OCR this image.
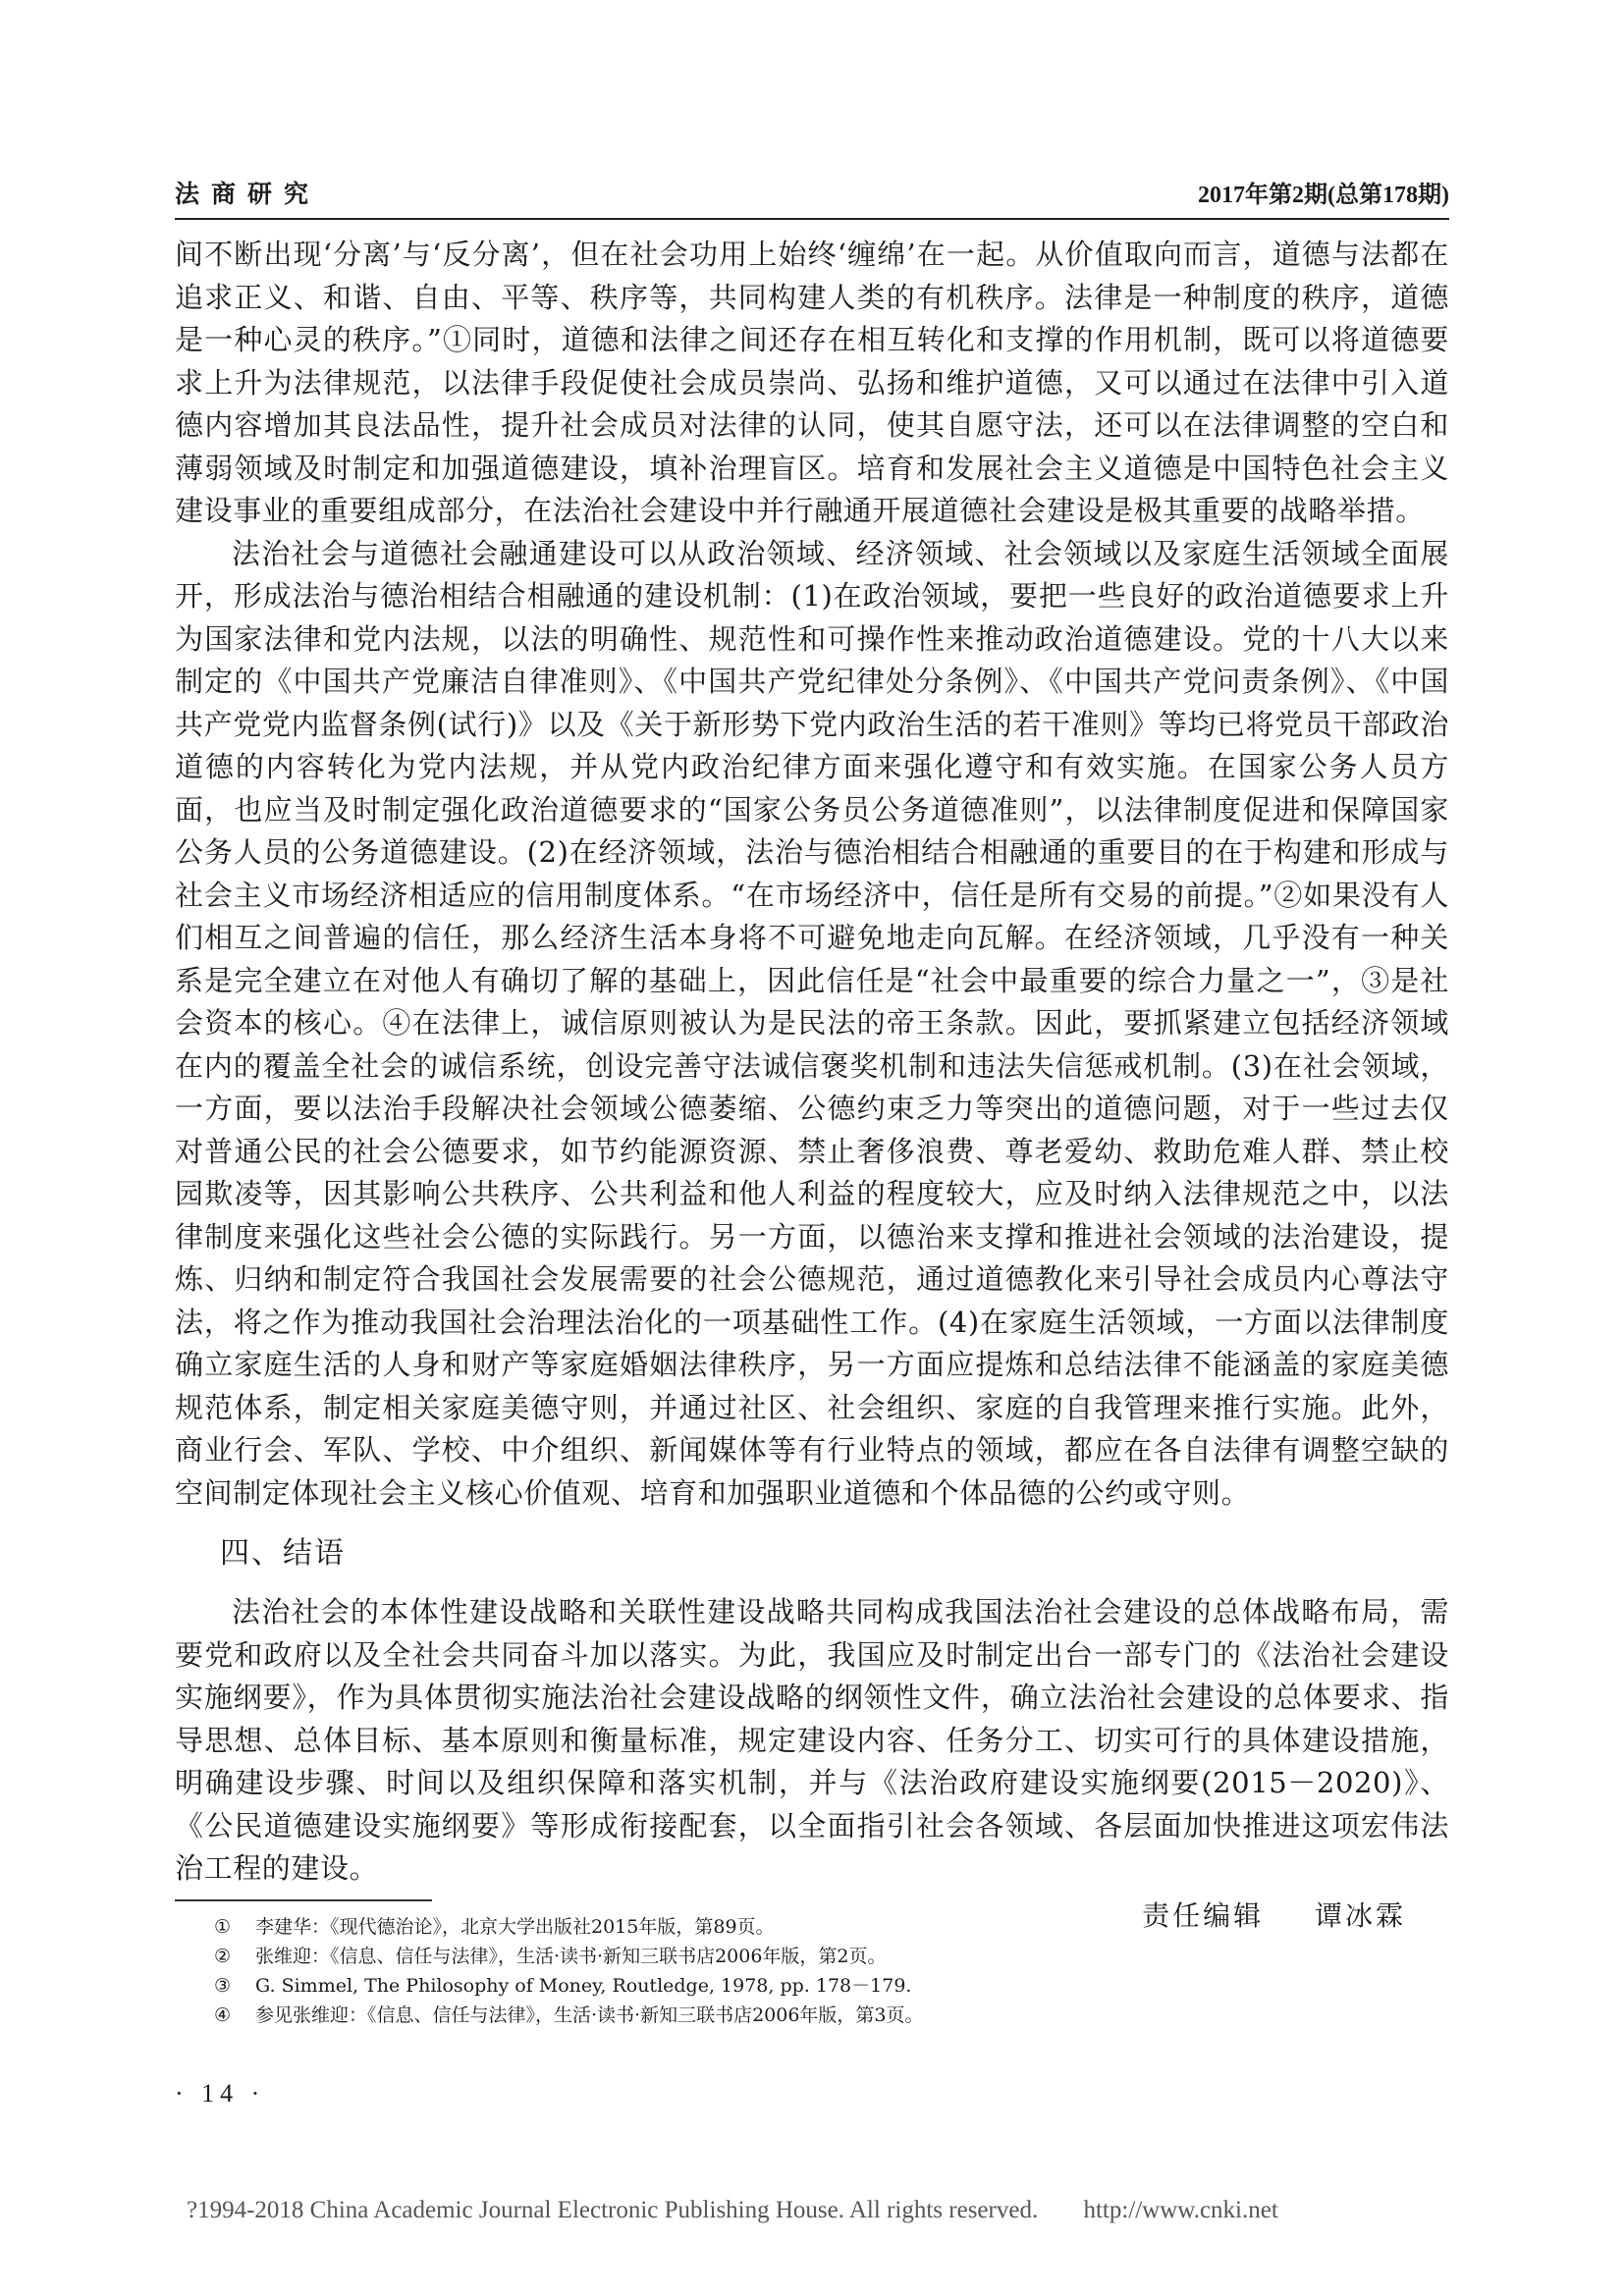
法商研究	2017年第2期(总第178期)

间不断出现‘分离’与‘反分离’，但在社会功用上始终‘缠绵’在一起。从价值取向而言，道德与法都在追求正义、和谐、自由、平等、秩序等，共同构建人类的有机秩序。法律是一种制度的秩序，道德是一种心灵的秩序。”①同时，道德和法律之间还存在相互转化和支撑的作用机制，既可以将道德要求上升为法律规范，以法律手段促使社会成员崇尚、弘扬和维护道德，又可以通过在法律中引入道德内容增加其良法品性，提升社会成员对法律的认同，使其自愿守法，还可以在法律调整的空白和薄弱领域及时制定和加强道德建设，填补治理盲区。培育和发展社会主义道德是中国特色社会主义建设事业的重要组成部分，在法治社会建设中并行融通开展道德社会建设是极其重要的战略举措。

法治社会与道德社会融通建设可以从政治领域、经济领域、社会领域以及家庭生活领域全面展开，形成法治与德治相结合相融通的建设机制：(1)在政治领域，要把一些良好的政治道德要求上升为国家法律和党内法规，以法的明确性、规范性和可操作性来推动政治道德建设。党的十八大以来制定的《中国共产党廉洁自律准则》、《中国共产党纪律处分条例》、《中国共产党问责条例》、《中国共产党党内监督条例(试行)》以及《关于新形势下党内政治生活的若干准则》等均已将党员干部政治道德的内容转化为党内法规，并从党内政治纪律方面来强化遵守和有效实施。在国家公务人员方面，也应当及时制定强化政治道德要求的“国家公务员公务道德准则”，以法律制度促进和保障国家公务人员的公务道德建设。(2)在经济领域，法治与德治相结合相融通的重要目的在于构建和形成与社会主义市场经济相适应的信用制度体系。“在市场经济中，信任是所有交易的前提。”②如果没有人们相互之间普遍的信任，那么经济生活本身将不可避免地走向瓦解。在经济领域，几乎没有一种关系是完全建立在对他人有确切了解的基础上，因此信任是“社会中最重要的综合力量之一”，③是社会资本的核心。④在法律上，诚信原则被认为是民法的帝王条款。因此，要抓紧建立包括经济领域在内的覆盖全社会的诚信系统，创设完善守法诚信褒奖机制和违法失信惩戒机制。(3)在社会领域，一方面，要以法治手段解决社会领域公德萎缩、公德约束乏力等突出的道德问题，对于一些过去仅对普通公民的社会公德要求，如节约能源资源、禁止奢侈浪费、尊老爱幼、救助危难人群、禁止校园欺凌等，因其影响公共秩序、公共利益和他人利益的程度较大，应及时纳入法律规范之中，以法律制度来强化这些社会公德的实际践行。另一方面，以德治来支撑和推进社会领域的法治建设，提炼、归纳和制定符合我国社会发展需要的社会公德规范，通过道德教化来引导社会成员内心尊法守法，将之作为推动我国社会治理法治化的一项基础性工作。(4)在家庭生活领域，一方面以法律制度确立家庭生活的人身和财产等家庭婚姻法律秩序，另一方面应提炼和总结法律不能涵盖的家庭美德规范体系，制定相关家庭美德守则，并通过社区、社会组织、家庭的自我管理来推行实施。此外，商业行会、军队、学校、中介组织、新闻媒体等有行业特点的领域，都应在各自法律有调整空缺的空间制定体现社会主义核心价值观、培育和加强职业道德和个体品德的公约或守则。

四、结语

法治社会的本体性建设战略和关联性建设战略共同构成我国法治社会建设的总体战略布局，需要党和政府以及全社会共同奋斗加以落实。为此，我国应及时制定出台一部专门的《法治社会建设实施纲要》，作为具体贯彻实施法治社会建设战略的纲领性文件，确立法治社会建设的总体要求、指导思想、总体目标、基本原则和衡量标准，规定建设内容、任务分工、切实可行的具体建设措施，明确建设步骤、时间以及组织保障和落实机制，并与《法治政府建设实施纲要(2015－2020)》、《公民道德建设实施纲要》等形成衔接配套，以全面指引社会各领域、各层面加快推进这项宏伟法治工程的建设。

责任编辑 谭冰霖
① 李建华：《现代德治论》，北京大学出版社2015年版，第89页。
② 张维迎：《信息、信任与法律》，生活·读书·新知三联书店2006年版，第2页。
③ G. Simmel, The Philosophy of Money, Routledge, 1978, pp. 178－179.
④ 参见张维迎：《信息、信任与法律》，生活·读书·新知三联书店2006年版，第3页。
· 14 ·
?1994-2018 China Academic Journal Electronic Publishing House. All rights reserved. http://www.cnki.net
